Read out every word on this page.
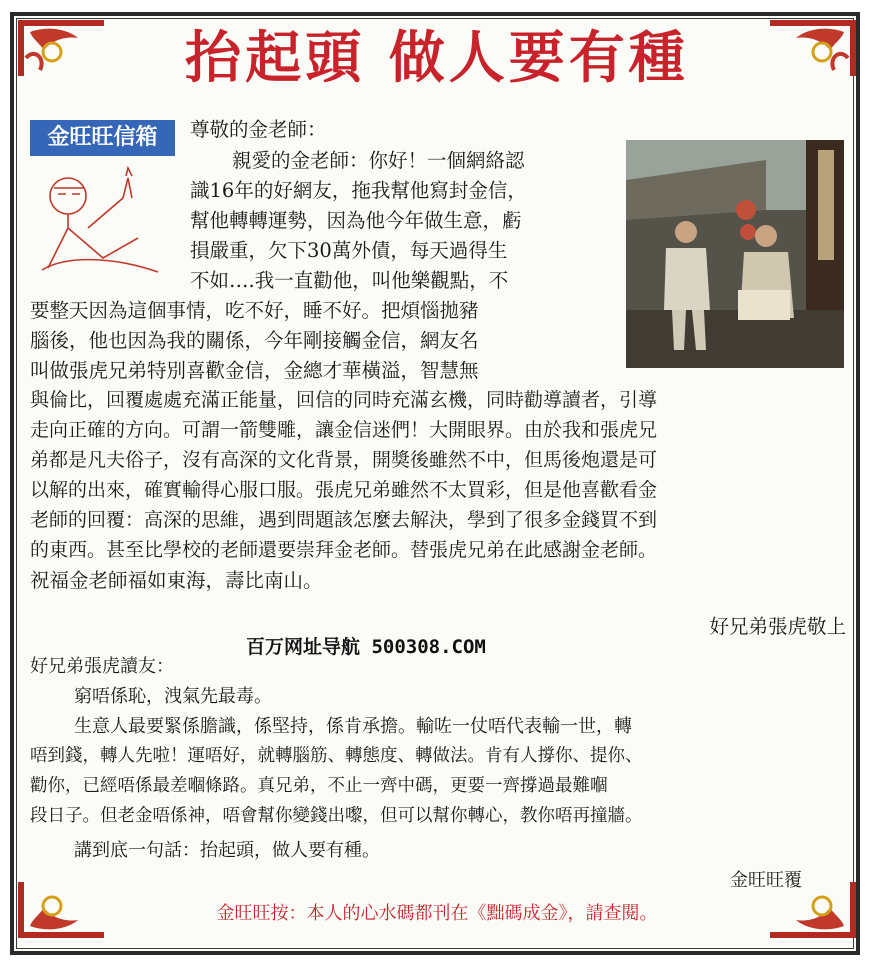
抬起頭 做人要有種
金旺旺信箱	尊敬的金老師：
親愛的金老師：你好！一個網絡認
識16年的好網友，拖我幫他寫封金信，
幫他轉轉運勢，因為他今年做生意，虧
損嚴重，欠下30萬外債，每天過得生
不如….我一直勸他，叫他樂觀點，不
要整天因為這個事情，吃不好，睡不好。把煩惱拋豬
腦後，他也因為我的關係，今年剛接觸金信，網友名
叫做張虎兄弟特別喜歡金信，金總才華橫溢，智慧無
與倫比，回覆處處充滿正能量，回信的同時充滿玄機，同時勸導讀者，引導
走向正確的方向。可謂一箭雙雕，讓金信迷們！大開眼界。由於我和張虎兄
弟都是凡夫俗子，沒有高深的文化背景，開獎後雖然不中，但馬後炮還是可
以解的出來，確實輸得心服口服。張虎兄弟雖然不太買彩，但是他喜歡看金
老師的回覆：高深的思維，遇到問題該怎麼去解決，學到了很多金錢買不到
的東西。甚至比學校的老師還要崇拜金老師。替張虎兄弟在此感謝金老師。
祝福金老師福如東海，壽比南山。
好兄弟張虎敬上
百万网址导航 500308.COM
好兄弟張虎讀友：
窮唔係恥，洩氣先最毒。
生意人最要緊係膽識，係堅持，係肯承擔。輸咗一仗唔代表輸一世，轉
唔到錢，轉人先啦！運唔好，就轉腦筋、轉態度、轉做法。肯有人撐你、提你、
勸你，已經唔係最差嗰條路。真兄弟，不止一齊中碼，更要一齊撐過最難嗰
段日子。但老金唔係神，唔會幫你變錢出嚟，但可以幫你轉心，教你唔再撞牆。
講到底一句話：抬起頭，做人要有種。
金旺旺覆
金旺旺按：本人的心水碼都刊在《黜碼成金》，請查閱。
